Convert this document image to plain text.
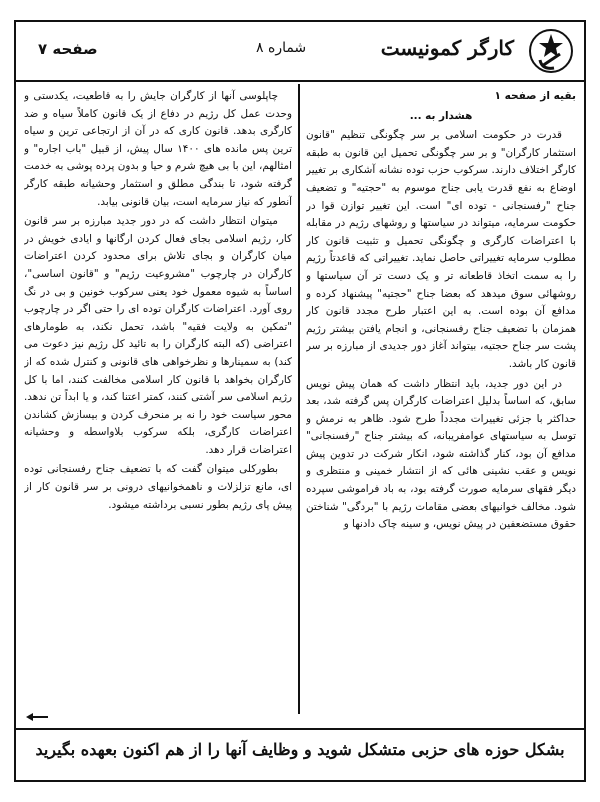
کارگر کمونیست
شماره ۸
صفحه ۷

بقیه از صفحه ۱

هشدار به ...

قدرت در حکومت اسلامی بر سر چگونگی تنظیم "قانون استثمار کارگران" و بر سر چگونگی تحمیل این قانون به طبقه کارگر اختلاف دارند. سرکوب حزب توده نشانه آشکاری بر تغییر اوضاع به نفع قدرت یابی جناح موسوم به "حجتیه" و تضعیف جناح "رفسنجانی - توده ای" است. این تغییر توازن قوا در حکومت سرمایه، میتواند در سیاستها و روشهای رژیم در مقابله با اعتراضات کارگری و چگونگی تحمیل و تثبیت قانون کار مطلوب سرمایه تغییراتی حاصل نماید. تغییراتی که قاعدتاً رژیم را به سمت اتخاذ قاطعانه تر و یک دست تر آن سیاستها و روشهائی سوق میدهد که بعضا جناح "حجتیه" پیشنهاد کرده و مدافع آن بوده است. به این اعتبار طرح مجدد قانون کار همزمان با تضعیف جناح رفسنجانی، و انجام یافتن بیشتر رژیم پشت سر جناح حجتیه، بیتواند آغاز دور جدیدی از مبارزه بر سر قانون کار باشد.

در این دور جدید، باید انتظار داشت که همان پیش نویس سابق، که اساساً بدلیل اعتراضات کارگران پس گرفته شد، بعد حداکثر با جزئی تغییرات مجدداً طرح شود. ظاهر به نرمش و توسل به سیاستهای عوامفریبانه، که بیشتر جناح "رفسنجانی" مدافع آن بود، کنار گذاشته شود، انکار شرکت در تدوین پیش نویس و عقب نشینی هائی که از انتشار خمینی و منتظری و دیگر فقهای سرمایه صورت گرفته بود، به باد فراموشی سپرده شود. مخالف خوانیهای بعضی مقامات رژیم با "بردگی" شناختن حقوق مستضعفین در پیش نویس، و سینه چاک دادنها و

چاپلوسی آنها از کارگران جایش را به قاطعیت، یکدستی و وحدت عمل کل رژیم در دفاع از یک قانون کاملاً سیاه و ضد کارگری بدهد. قانون کاری که در آن از ارتجاعی ترین و سیاه ترین پس مانده های ۱۴۰۰ سال پیش، از قبیل "باب اجاره" و امثالهم، این با بی هیچ شرم و حیا و بدون پرده پوشی به خدمت گرفته شود، تا بندگی مطلق و استثمار وحشیانه طبقه کارگر آنطور که نیاز سرمایه است، بیان قانونی بیابد.

میتوان انتظار داشت که در دور جدید مبارزه بر سر قانون کار، رژیم اسلامی بجای فعال کردن ارگانها و ایادی خویش در میان کارگران و بجای تلاش برای محدود کردن اعتراضات کارگران در چارچوب "مشروعیت رژیم" و "قانون اساسی"، اساساً به شیوه معمول خود یعنی سرکوب خونین و بی در نگ روی آورد. اعتراضات کارگران توده ای را حتی اگر در چارچوب "تمکین به ولایت فقیه" باشد، تحمل نکند، به طومارهای اعتراضی (که البته کارگران را به تائید کل رژیم نیز دعوت می کند) به سمینارها و نظرخواهی های قانونی و کنترل شده که از کارگران بخواهد با قانون کار اسلامی مخالفت کنند، اما با کل رژیم اسلامی سر آشتی کنند، کمتر اعتنا کند، و یا ابداً تن ندهد. محور سیاست خود را نه بر منحرف کردن و بیسازش کشاندن اعتراضات کارگری، بلکه سرکوب بلاواسطه و وحشیانه اعتراضات قرار دهد.

بطورکلی میتوان گفت که با تضعیف جناح رفسنجانی توده ای، مانع تزلزلات و ناهمخوانیهای درونی بر سر قانون کار از پیش پای رژیم بطور نسبی برداشته میشود.

بشکل حوزه های حزبی متشکل شوید و وظایف آنها را از هم اکنون بعهده بگیرید
